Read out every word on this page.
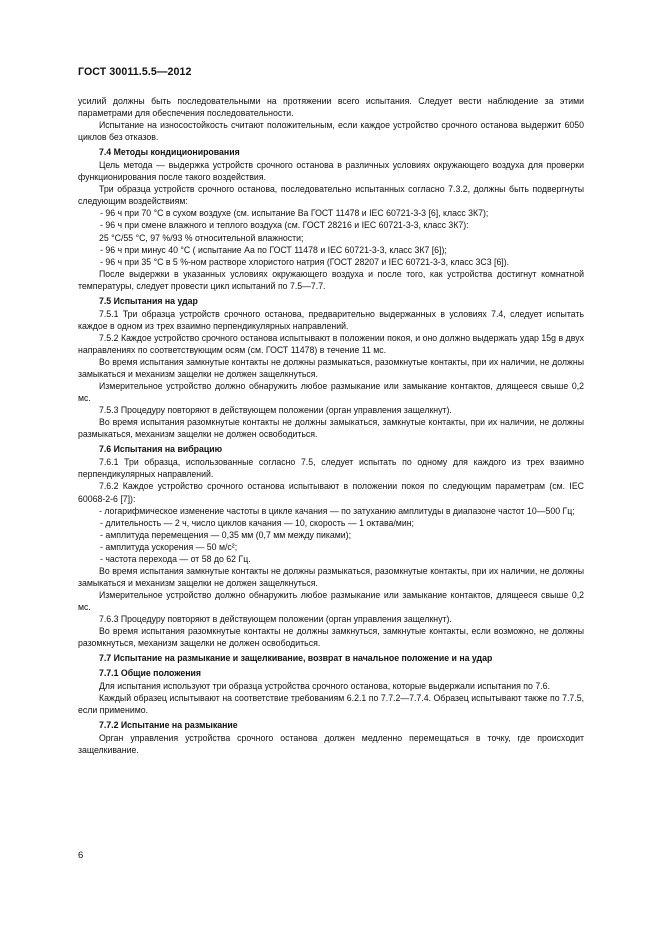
ГОСТ 30011.5.5—2012

усилий должны быть последовательными на протяжении всего испытания. Следует вести наблюдение за этими параметрами для обеспечения последовательности.

Испытание на износостойкость считают положительным, если каждое устройство срочного останова выдержит 6050 циклов без отказов.

7.4 Методы кондиционирования

Цель метода — выдержка устройств срочного останова в различных условиях окружающего воздуха для проверки функционирования после такого воздействия.

Три образца устройств срочного останова, последовательно испытанных согласно 7.3.2, должны быть подвергнуты следующим воздействиям:

- 96 ч при 70 °С в сухом воздухе (см. испытание Ва ГОСТ 11478 и IEC 60721-3-3 [6], класс 3К7);

- 96 ч при смене влажного и теплого воздуха (см. ГОСТ 28216 и IEC 60721-3-3, класс 3К7):

25 °С/55 °С, 97 %/93 % относительной влажности;

- 96 ч при минус 40 °С ( испытание Аа по ГОСТ 11478 и IEC 60721-3-3, класс 3К7 [6]);

- 96 ч при 35 °С в 5 %-ном растворе хлористого натрия (ГОСТ 28207 и IEC 60721-3-3, класс 3С3 [6]).

После выдержки в указанных условиях окружающего воздуха и после того, как устройства достигнут комнатной температуры, следует провести цикл испытаний по 7.5—7.7.

7.5 Испытания на удар

7.5.1 Три образца устройств срочного останова, предварительно выдержанных в условиях 7.4, следует испытать каждое в одном из трех взаимно перпендикулярных направлений.

7.5.2 Каждое устройство срочного останова испытывают в положении покоя, и оно должно выдержать удар 15g в двух направлениях по соответствующим осям (см. ГОСТ 11478) в течение 11 мс.

Во время испытания замкнутые контакты не должны размыкаться, разомкнутые контакты, при их наличии, не должны замыкаться и механизм защелки не должен защелкнуться.

Измерительное устройство должно обнаружить любое размыкание или замыкание контактов, длящееся свыше 0,2 мс.

7.5.3 Процедуру повторяют в действующем положении (орган управления защелкнут).

Во время испытания разомкнутые контакты не должны замыкаться, замкнутые контакты, при их наличии, не должны размыкаться, механизм защелки не должен освободиться.

7.6 Испытания на вибрацию

7.6.1 Три образца, использованные согласно 7.5, следует испытать по одному для каждого из трех взаимно перпендикулярных направлений.

7.6.2 Каждое устройство срочного останова испытывают в положении покоя по следующим параметрам (см. IEC 60068-2-6 [7]):

- логарифмическое изменение частоты в цикле качания — по затуханию амплитуды в диапазоне частот 10—500 Гц;

- длительность — 2 ч, число циклов качания — 10, скорость — 1 октава/мин;

- амплитуда перемещения — 0,35 мм (0,7 мм между пиками);

- амплитуда ускорения — 50 м/с²;

- частота перехода — от 58 до 62 Гц.

Во время испытания замкнутые контакты не должны размыкаться, разомкнутые контакты, при их наличии, не должны замыкаться и механизм защелки не должен защелкнуться.

Измерительное устройство должно обнаружить любое размыкание или замыкание контактов, длящееся свыше 0,2 мс.

7.6.3 Процедуру повторяют в действующем положении (орган управления защелкнут).

Во время испытания разомкнутые контакты не должны замкнуться, замкнутые контакты, если возможно, не должны разомкнуться, механизм защелки не должен освободиться.

7.7 Испытание на размыкание и защелкивание, возврат в начальное положение и на удар
7.7.1 Общие положения

Для испытания используют три образца устройства срочного останова, которые выдержали испытания по 7.6.

Каждый образец испытывают на соответствие требованиям 6.2.1 по 7.7.2—7.7.4. Образец испытывают также по 7.7.5, если применимо.

7.7.2 Испытание на размыкание

Орган управления устройства срочного останова должен медленно перемещаться в точку, где происходит защелкивание.

6
